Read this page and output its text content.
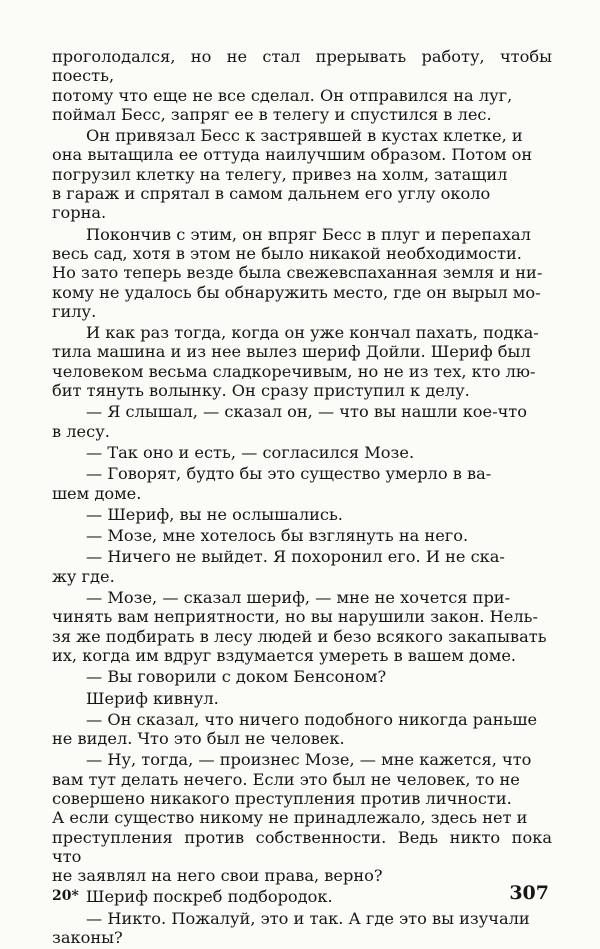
проголодался, но не стал прерывать работу, чтобы поесть,
потому что еще не все сделал. Он отправился на луг,
поймал Бесс, запряг ее в телегу и спустился в лес.

Он привязал Бесс к застрявшей в кустах клетке, и
она вытащила ее оттуда наилучшим образом. Потом он
погрузил клетку на телегу, привез на холм, затащил
в гараж и спрятал в самом дальнем его углу около
горна.

Покончив с этим, он впряг Бесс в плуг и перепахал
весь сад, хотя в этом не было никакой необходимости.
Но зато теперь везде была свежевспаханная земля и ни-
кому не удалось бы обнаружить место, где он вырыл мо-
гилу.

И как раз тогда, когда он уже кончал пахать, подка-
тила машина и из нее вылез шериф Дойли. Шериф был
человеком весьма сладкоречивым, но не из тех, кто лю-
бит тянуть волынку. Он сразу приступил к делу.

— Я слышал, — сказал он, — что вы нашли кое-что
в лесу.

— Так оно и есть, — согласился Мозе.

— Говорят, будто бы это существо умерло в ва-
шем доме.

— Шериф, вы не ослышались.

— Мозе, мне хотелось бы взглянуть на него.

— Ничего не выйдет. Я похоронил его. И не ска-
жу где.

— Мозе, — сказал шериф, — мне не хочется при-
чинять вам неприятности, но вы нарушили закон. Нель-
зя же подбирать в лесу людей и безо всякого закапывать
их, когда им вдруг вздумается умереть в вашем доме.

— Вы говорили с доком Бенсоном?

Шериф кивнул.

— Он сказал, что ничего подобного никогда раньше
не видел. Что это был не человек.

— Ну, тогда, — произнес Мозе, — мне кажется, что
вам тут делать нечего. Если это был не человек, то не
совершено никакого преступления против личности.
А если существо никому не принадлежало, здесь нет и
преступления против собственности. Ведь никто пока что
не заявлял на него свои права, верно?

Шериф поскреб подбородок.

— Никто. Пожалуй, это и так. А где это вы изучали
законы?

20*	307
